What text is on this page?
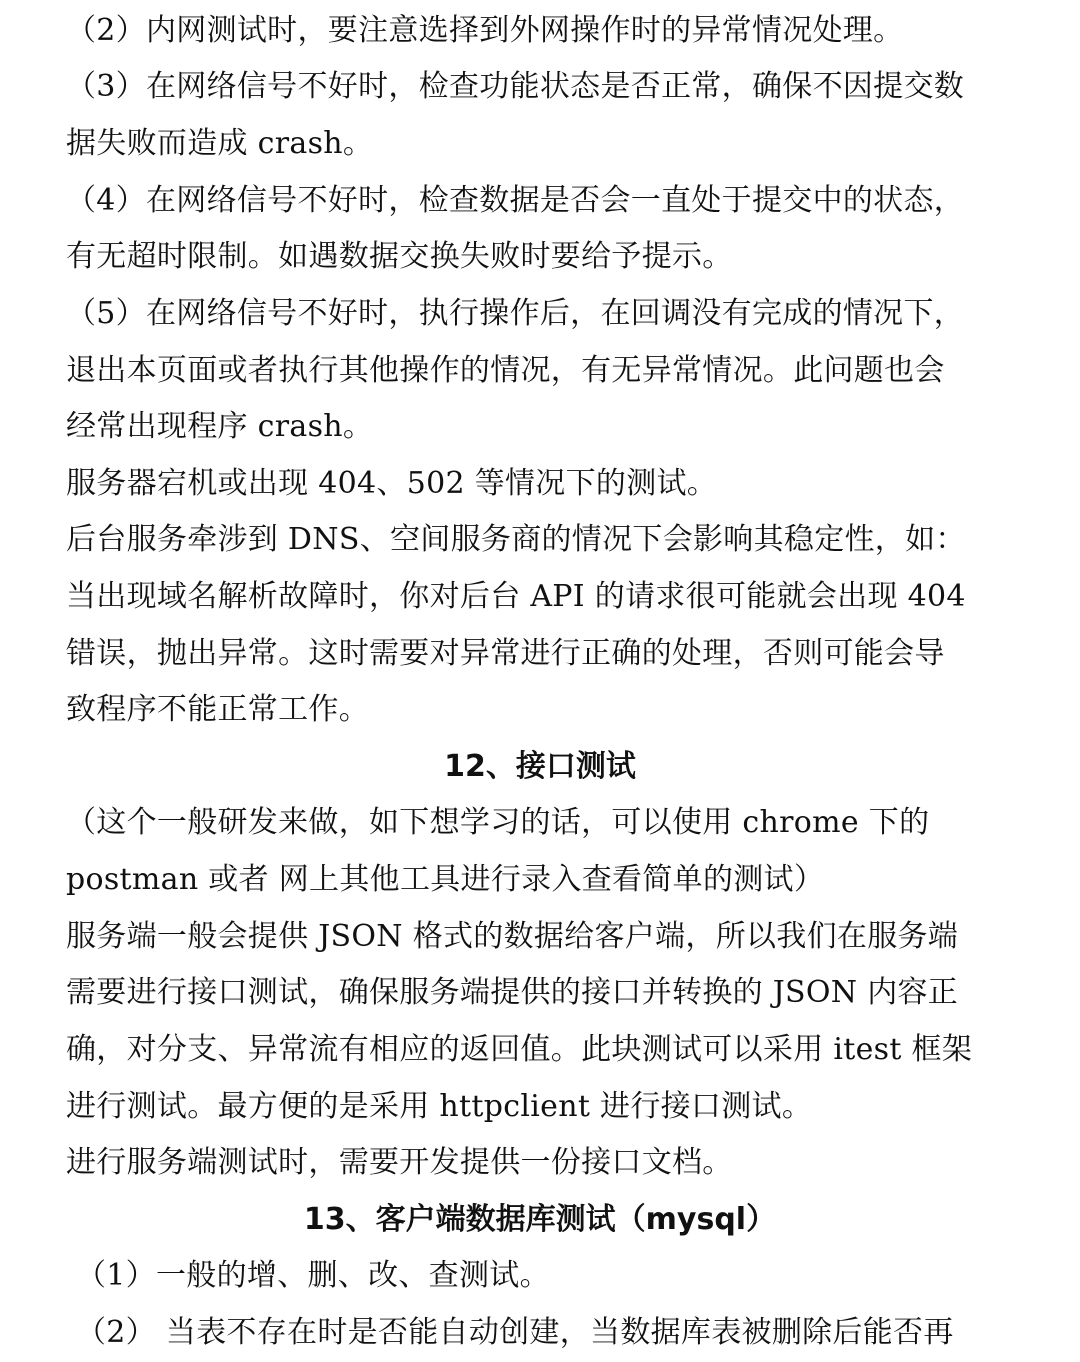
（2）内网测试时，要注意选择到外网操作时的异常情况处理。
（3）在网络信号不好时，检查功能状态是否正常，确保不因提交数
据失败而造成 crash。
（4）在网络信号不好时，检查数据是否会一直处于提交中的状态，
有无超时限制。如遇数据交换失败时要给予提示。
（5）在网络信号不好时，执行操作后，在回调没有完成的情况下，
退出本页面或者执行其他操作的情况，有无异常情况。此问题也会
经常出现程序 crash。
服务器宕机或出现 404、502 等情况下的测试。
后台服务牵涉到 DNS、空间服务商的情况下会影响其稳定性，如：
当出现域名解析故障时，你对后台 API 的请求很可能就会出现 404
错误，抛出异常。这时需要对异常进行正确的处理，否则可能会导
致程序不能正常工作。
12、接口测试
（这个一般研发来做，如下想学习的话，可以使用 chrome 下的
postman 或者 网上其他工具进行录入查看简单的测试）
服务端一般会提供 JSON 格式的数据给客户端，所以我们在服务端
需要进行接口测试，确保服务端提供的接口并转换的 JSON 内容正
确，对分支、异常流有相应的返回值。此块测试可以采用 itest 框架
进行测试。最方便的是采用 httpclient 进行接口测试。
进行服务端测试时，需要开发提供一份接口文档。
13、客户端数据库测试（mysql）
（1）一般的增、删、改、查测试。
（2） 当表不存在时是否能自动创建，当数据库表被删除后能否再
